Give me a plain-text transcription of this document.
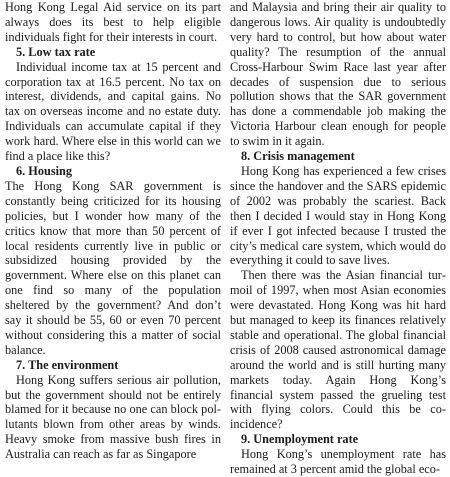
Hong Kong Legal Aid service on its part always does its best to help eligible individuals fight for their interests in court.

5. Low tax rate

Individual income tax at 15 percent and corporation tax at 16.5 percent. No tax on interest, dividends, and capital gains. No tax on overseas income and no estate duty. Individuals can accumulate capital if they work hard. Where else in this world can we find a place like this?

6. Housing

The Hong Kong SAR government is constantly being criticized for its housing policies, but I wonder how many of the critics know that more than 50 percent of local residents currently live in public or subsidized housing provided by the government. Where else on this planet can one find so many of the population sheltered by the government? And don’t say it should be 55, 60 or even 70 percent without considering this a matter of social balance.

7. The environment

Hong Kong suffers serious air pollution, but the government should not be entirely blamed for it because no one can block pollutants blown from other areas by winds. Heavy smoke from massive bush fires in Australia can reach as far as Singapore

and Malaysia and bring their air quality to dangerous lows. Air quality is undoubtedly very hard to control, but how about water quality? The resumption of the annual Cross-Harbour Swim Race last year after decades of suspension due to serious pollution shows that the SAR government has done a commendable job making the Victoria Harbour clean enough for people to swim in it again.

8. Crisis management

Hong Kong has experienced a few crises since the handover and the SARS epidemic of 2002 was probably the scariest. Back then I decided I would stay in Hong Kong if ever I got infected because I trusted the city’s medical care system, which would do everything it could to save lives.

Then there was the Asian financial turmoil of 1997, when most Asian economies were devastated. Hong Kong was hit hard but managed to keep its finances relatively stable and operational. The global financial crisis of 2008 caused astronomical damage around the world and is still hurting many markets today. Again Hong Kong’s financial system passed the grueling test with flying colors. Could this be co-incidence?

9. Unemployment rate

Hong Kong’s unemployment rate has remained at 3 percent amid the global eco-
